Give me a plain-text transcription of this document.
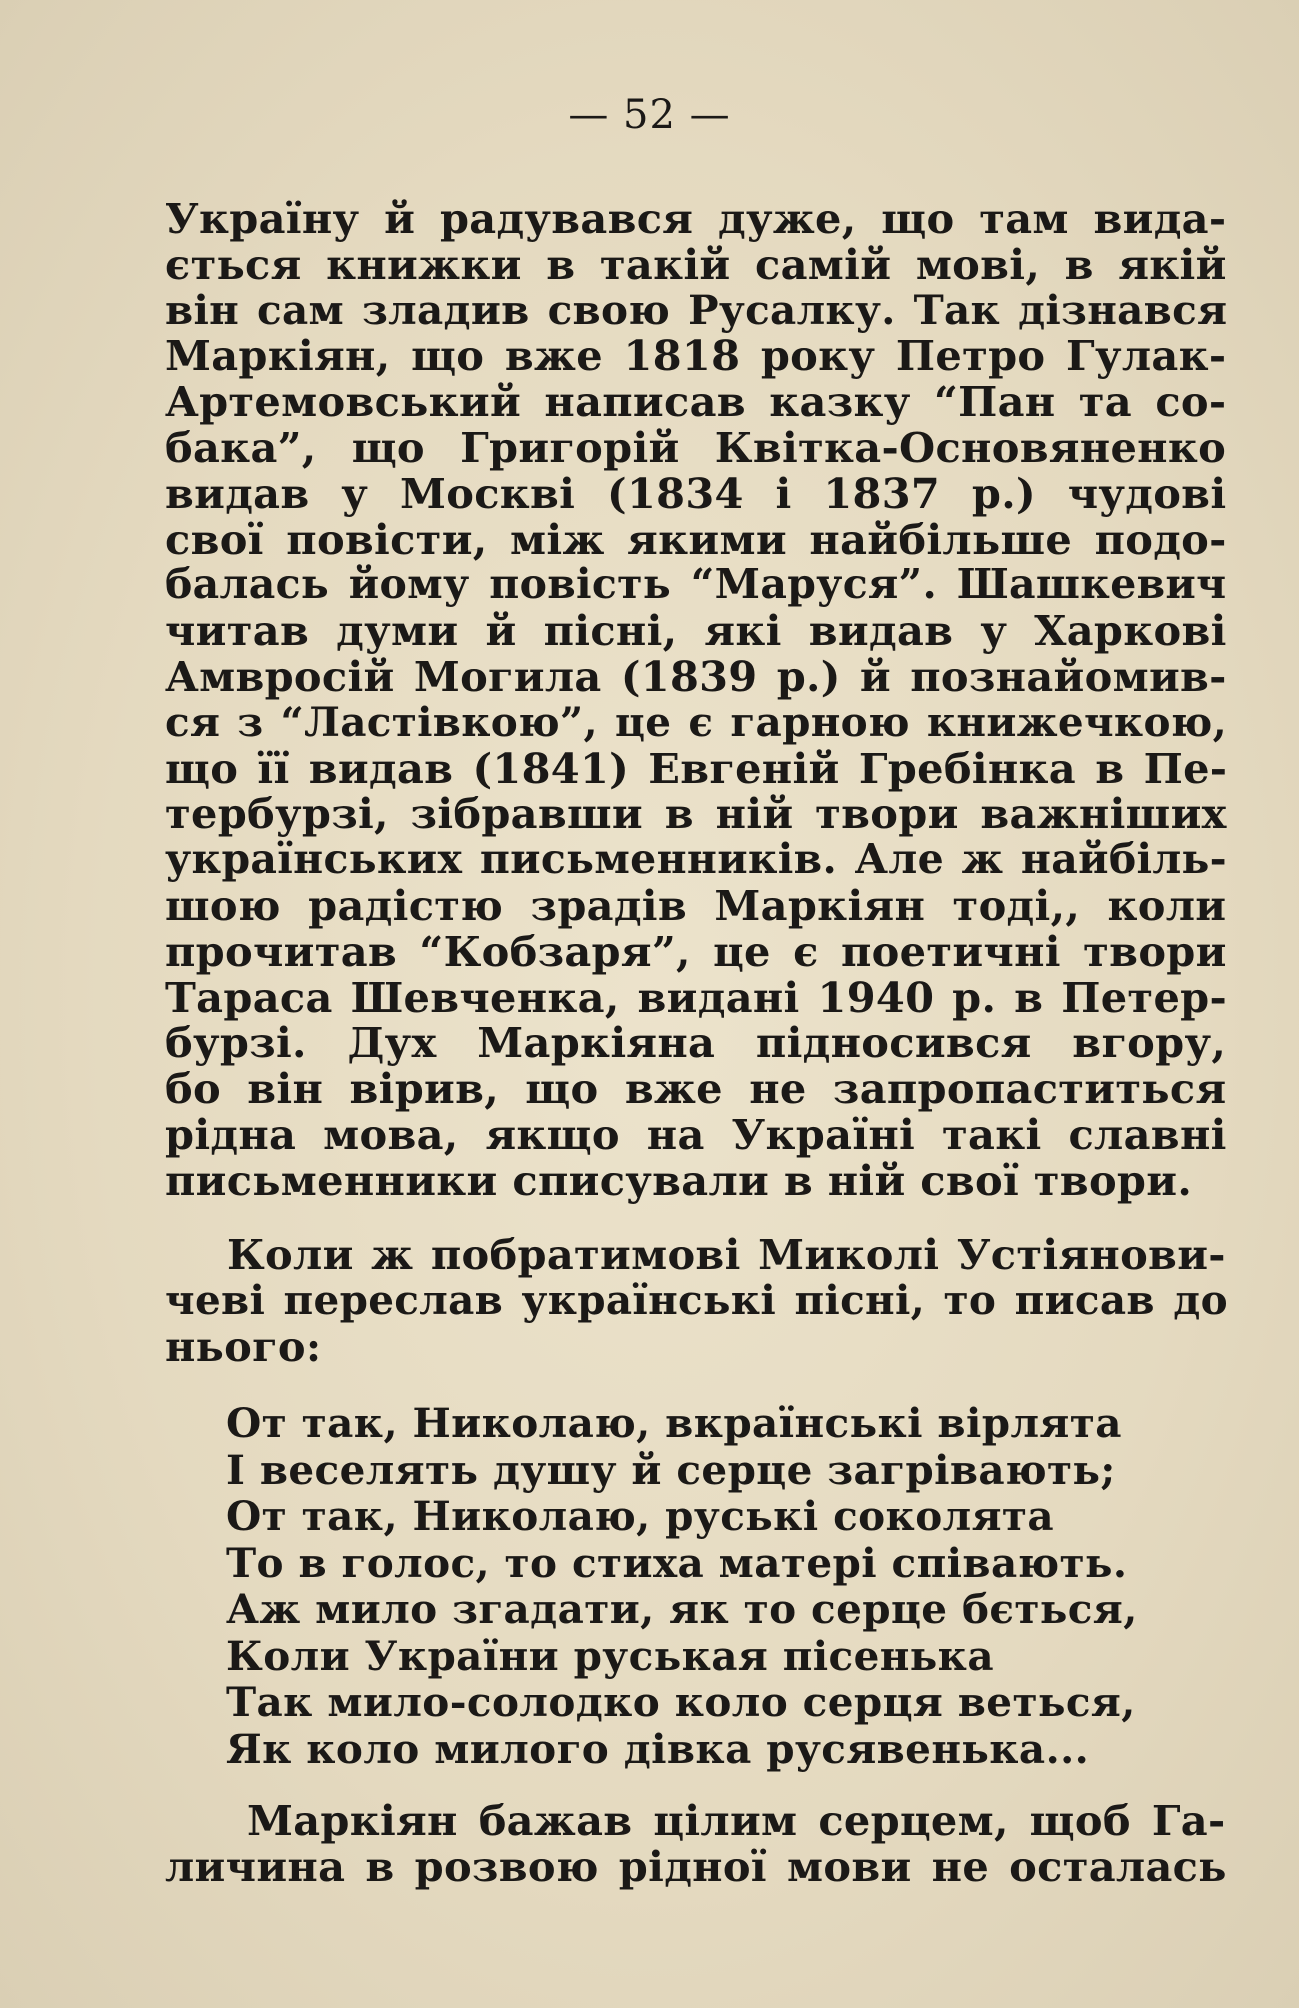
— 52 —
Україну й радувався дуже, що там вида-
ється книжки в такій самій мові, в якій
він сам зладив свою Русалку. Так дізнався
Маркіян, що вже 1818 року Петро Гулак-
Артемовський написав казку “Пан та со-
бака”, що Григорій Квітка-Основяненко
видав у Москві (1834 і 1837 р.) чудові
свої повісти, між якими найбільше подо-
балась йому повість “Маруся”. Шашкевич
читав думи й пісні, які видав у Харкові
Амвросій Могила (1839 р.) й познайомив-
ся з “Ластівкою”, це є гарною книжечкою,
що її видав (1841) Евгеній Гребінка в Пе-
тербурзі, зібравши в ній твори важніших
українських письменників. Але ж найбіль-
шою радістю зрадів Маркіян тоді,, коли
прочитав “Кобзаря”, це є поетичні твори
Тараса Шевченка, видані 1940 р. в Петер-
бурзі. Дух Маркіяна підносився вгору,
бо він вірив, що вже не запропаститься
рідна мова, якщо на Україні такі славні
письменники списували в ній свої твори.
Коли ж побратимові Миколі Устіянови-
чеві переслав українські пісні, то писав до
нього:
От так, Николаю, вкраїнські вірлята
І веселять душу й серце загрівають;
От так, Николаю, руські соколята
То в голос, то стиха матері співають.
Аж мило згадати, як то серце бється,
Коли України руськая пісенька
Так мило-солодко коло серця веться,
Як коло милого дівка русявенька...
Маркіян бажав цілим серцем, щоб Га-
личина в розвою рідної мови не осталась
